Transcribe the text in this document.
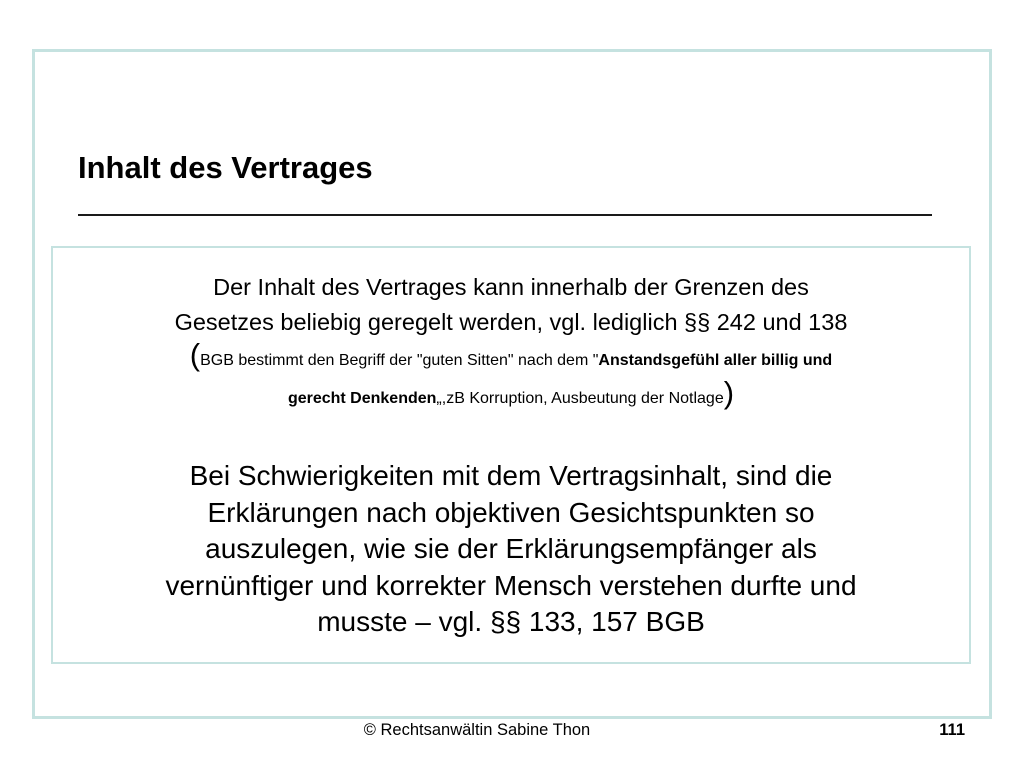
Inhalt des Vertrages

Der Inhalt des Vertrages kann innerhalb der Grenzen des
Gesetzes beliebig geregelt werden, vgl. lediglich §§ 242 und 138
(BGB bestimmt den Begriff der "guten Sitten" nach dem "Anstandsgefühl aller billig und
gerecht Denkenden„,zB Korruption, Ausbeutung der Notlage)

Bei Schwierigkeiten mit dem Vertragsinhalt, sind die
Erklärungen nach objektiven Gesichtspunkten so
auszulegen, wie sie der Erklärungsempfänger als
vernünftiger und korrekter Mensch verstehen durfte und
musste – vgl. §§ 133, 157 BGB

© Rechtsanwältin Sabine Thon	111
